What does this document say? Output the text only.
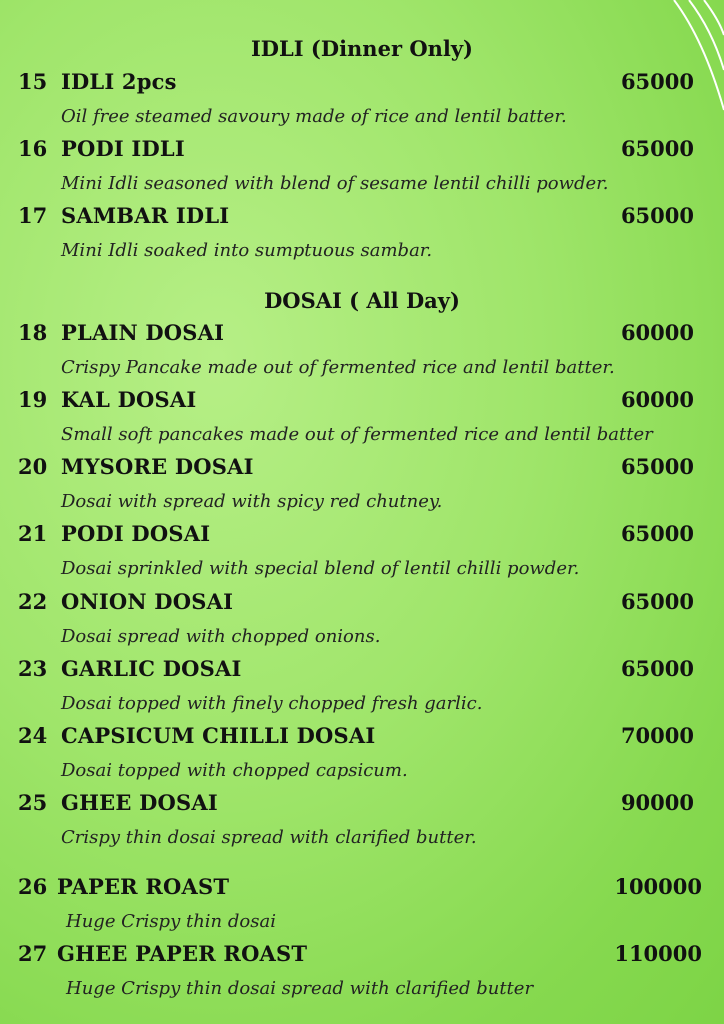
IDLI (Dinner Only)
15 IDLI 2pcs	65000
Oil free steamed savoury made of rice and lentil batter.
16 PODI IDLI	65000
Mini Idli seasoned with blend of sesame lentil chilli powder.
17 SAMBAR IDLI	65000
Mini Idli soaked into sumptuous sambar.
DOSAI ( All Day)
18 PLAIN DOSAI	60000
Crispy Pancake made out of fermented rice and lentil batter.
19 KAL DOSAI	60000
Small soft pancakes made out of fermented rice and lentil batter
20 MYSORE DOSAI	65000
Dosai with spread with spicy red chutney.
21 PODI DOSAI	65000
Dosai sprinkled with special blend of lentil chilli powder.
22 ONION DOSAI	65000
Dosai spread with chopped onions.
23 GARLIC DOSAI	65000
Dosai topped with finely chopped fresh garlic.
24 CAPSICUM CHILLI DOSAI	70000
Dosai topped with chopped capsicum.
25 GHEE DOSAI	90000
Crispy thin dosai spread with clarified butter.
26 PAPER ROAST	100000
Huge Crispy thin dosai
27 GHEE PAPER ROAST	110000
Huge Crispy thin dosai spread with clarified butter
